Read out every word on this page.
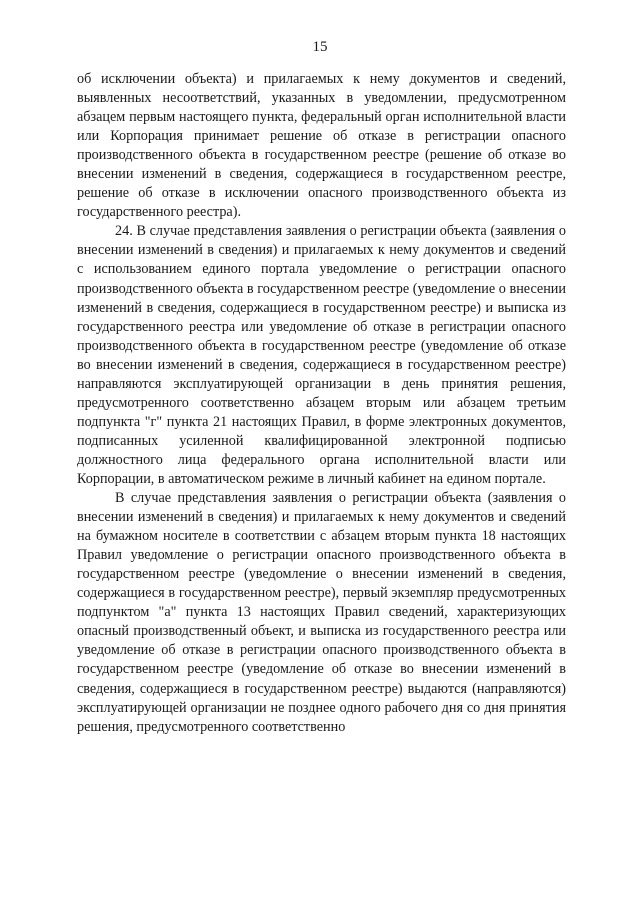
15

об исключении объекта) и прилагаемых к нему документов и сведений, выявленных несоответствий, указанных в уведомлении, предусмотренном абзацем первым настоящего пункта, федеральный орган исполнительной власти или Корпорация принимает решение об отказе в регистрации опасного производственного объекта в государственном реестре (решение об отказе во внесении изменений в сведения, содержащиеся в государственном реестре, решение об отказе в исключении опасного производственного объекта из государственного реестра).

24. В случае представления заявления о регистрации объекта (заявления о внесении изменений в сведения) и прилагаемых к нему документов и сведений с использованием единого портала уведомление о регистрации опасного производственного объекта в государственном реестре (уведомление о внесении изменений в сведения, содержащиеся в государственном реестре) и выписка из государственного реестра или уведомление об отказе в регистрации опасного производственного объекта в государственном реестре (уведомление об отказе во внесении изменений в сведения, содержащиеся в государственном реестре) направляются эксплуатирующей организации в день принятия решения, предусмотренного соответственно абзацем вторым или абзацем третьим подпункта "г" пункта 21 настоящих Правил, в форме электронных документов, подписанных усиленной квалифицированной электронной подписью должностного лица федерального органа исполнительной власти или Корпорации, в автоматическом режиме в личный кабинет на едином портале.

В случае представления заявления о регистрации объекта (заявления о внесении изменений в сведения) и прилагаемых к нему документов и сведений на бумажном носителе в соответствии с абзацем вторым пункта 18 настоящих Правил уведомление о регистрации опасного производственного объекта в государственном реестре (уведомление о внесении изменений в сведения, содержащиеся в государственном реестре), первый экземпляр предусмотренных подпунктом "а" пункта 13 настоящих Правил сведений, характеризующих опасный производственный объект, и выписка из государственного реестра или уведомление об отказе в регистрации опасного производственного объекта в государственном реестре (уведомление об отказе во внесении изменений в сведения, содержащиеся в государственном реестре) выдаются (направляются) эксплуатирующей организации не позднее одного рабочего дня со дня принятия решения, предусмотренного соответственно
